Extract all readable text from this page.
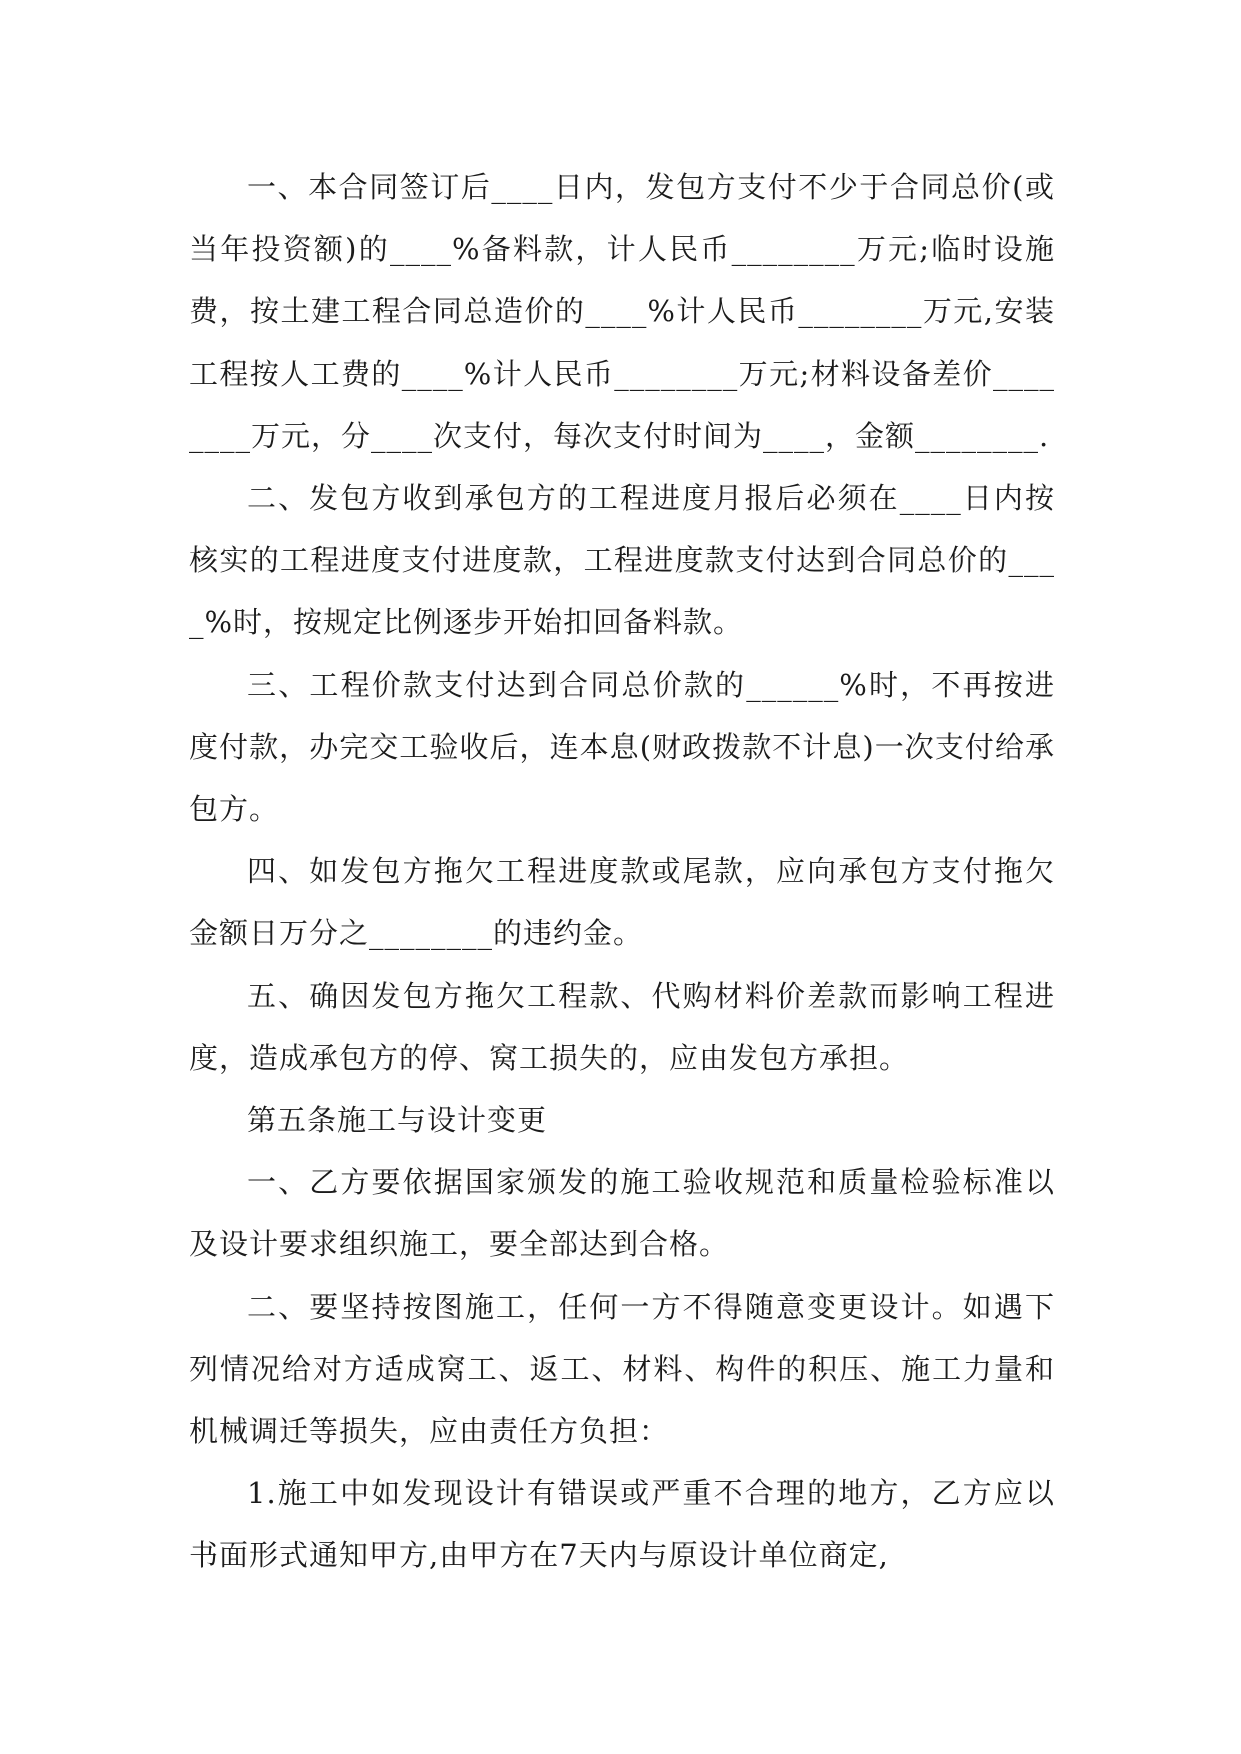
一、本合同签订后____日内，发包方支付不少于合同总价(或当年投资额)的____%备料款，计人民币________万元;临时设施费，按土建工程合同总造价的____%计人民币________万元,安装工程按人工费的____%计人民币________万元;材料设备差价________万元，分____次支付，每次支付时间为____，金额________.

二、发包方收到承包方的工程进度月报后必须在____日内按核实的工程进度支付进度款，工程进度款支付达到合同总价的____%时，按规定比例逐步开始扣回备料款。

三、工程价款支付达到合同总价款的______%时，不再按进度付款，办完交工验收后，连本息(财政拨款不计息)一次支付给承包方。

四、如发包方拖欠工程进度款或尾款，应向承包方支付拖欠金额日万分之________的违约金。

五、确因发包方拖欠工程款、代购材料价差款而影响工程进度，造成承包方的停、窝工损失的，应由发包方承担。

第五条施工与设计变更

一、乙方要依据国家颁发的施工验收规范和质量检验标准以及设计要求组织施工，要全部达到合格。

二、要坚持按图施工，任何一方不得随意变更设计。如遇下列情况给对方适成窝工、返工、材料、构件的积压、施工力量和机械调迁等损失，应由责任方负担：

1.施工中如发现设计有错误或严重不合理的地方，乙方应以书面形式通知甲方,由甲方在7天内与原设计单位商定,
